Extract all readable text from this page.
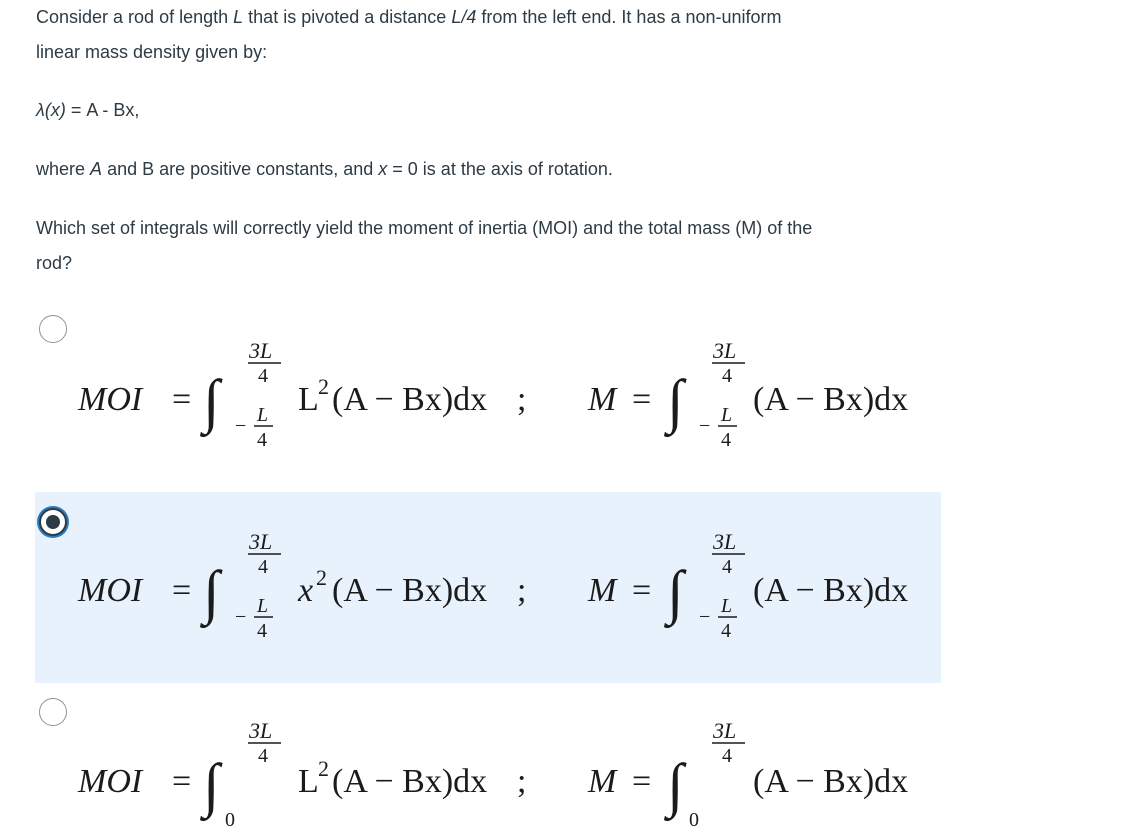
Consider a rod of length L that is pivoted a distance L/4 from the left end. It has a non-uniform
linear mass density given by:

λ(x) = A - Bx,

where A and B are positive constants, and x = 0 is at the axis of rotation.

Which set of integrals will correctly yield the moment of inertia (MOI) and the total mass (M) of the
rod?

MOI = ∫
3L
4
− L
4
L 2 (A − Bx)dx ; M = ∫
3L
4
− L
4
(A − Bx)dx
MOI = ∫
3L
4
− L
4
x 2 (A − Bx)dx ; M = ∫
3L
4
− L
4
(A − Bx)dx
MOI = ∫
3L
4
0
L 2 (A − Bx)dx ; M = ∫
3L
4
0
(A − Bx)dx
